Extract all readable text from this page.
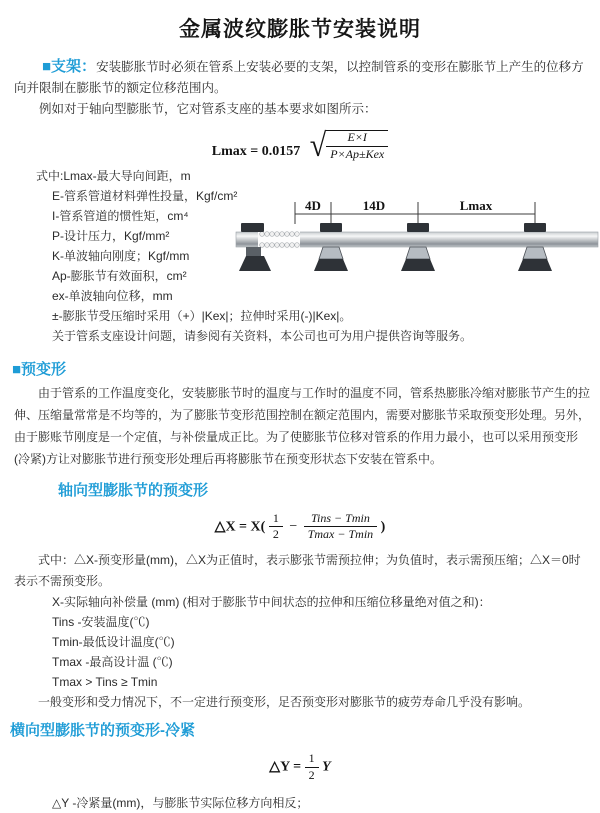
金属波纹膨胀节安装说明

■支架：安装膨胀节时必须在管系上安装必要的支架，以控制管系的变形在膨胀节上产生的位移方向并限制在膨胀节的额定位移范围内。

例如对于轴向型膨胀节，它对管系支座的基本要求如图所示：

Lmax = 0.0157 √ $\frac{E\times I}{\text{P×Ap±Kex}}$
式中:Lmax-最大导向间距，m
E-管系管道材料弹性投量，Kgf/cm²
I-管系管道的惯性矩，cm⁴
P-设计压力，Kgf/mm²
K-单波轴向刚度；Kgf/mm
Ap-膨胀节有效面积，cm²
ex-单波轴向位移，mm
±-膨胀节受压缩时采用（+）|Kex|；拉伸时采用(-)|Kex|。
关于管系支座设计问题，请参阅有关资料，本公司也可为用户提供咨询等服务。
4D	14D	Lmax
■预变形

由于管系的工作温度变化，安装膨胀节时的温度与工作时的温度不同，管系热膨胀冷缩对膨胀节产生的拉伸、压缩量常常是不均等的，为了膨胀节变形范围控制在额定范围内，需要对膨胀节采取预变形处理。另外，由于膨账节刚度是一个定值，与补偿量成正比。为了使膨胀节位移对管系的作用力最小，也可以采用预变形(冷紧)方让对膨胀节进行预变形处理后再将膨胀节在预变形状态下安装在管系中。

轴向型膨胀节的预变形
△X = $X( \frac{1}{2} - \frac{\text{Tins − Tmin}}{Tmax - Tmin}$ )

式中：△X-预变形量(mm)，△X为正值时，表示膨张节需预拉伸；为负值时，表示需预压缩；△X＝0时表示不需预变形。

X-实际轴向补偿量 (mm) (相对于膨胀节中间状态的拉伸和压缩位移量绝对值之和)：
Tins -安装温度(℃)
Tmin-最低设计温度(℃)
Tmax -最高设计温 (℃)
Tmax > Tins ≥ Tmin

一般变形和受力情况下，不一定进行预变形，足否预变形对膨胀节的疲劳寿命几乎没有影响。

横向型膨胀节的预变形-冷紧
△Y = $\frac{1}{2}$ Y
△Y -冷紧量(mm)，与膨胀节实际位移方向相反；
